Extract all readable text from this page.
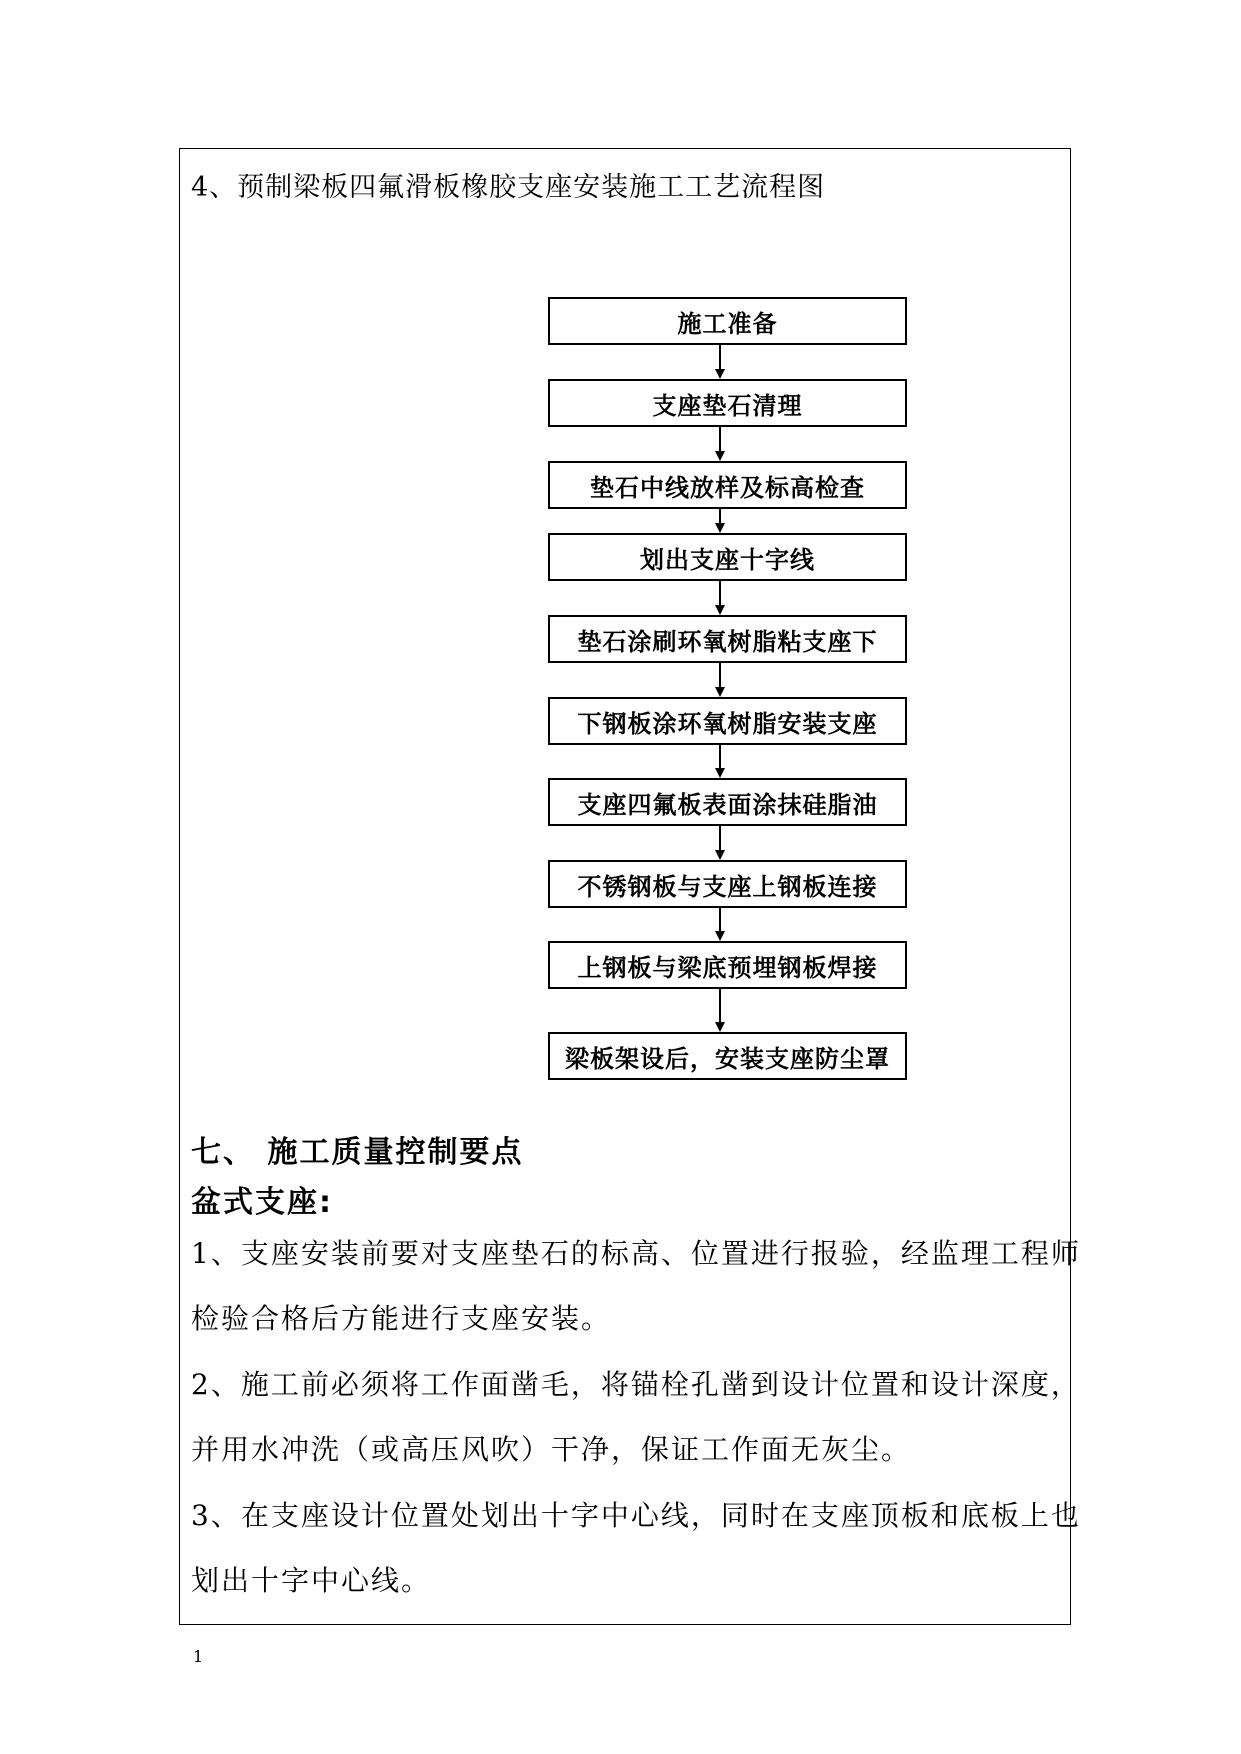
4、预制梁板四氟滑板橡胶支座安装施工工艺流程图
施工准备
支座垫石清理
垫石中线放样及标高检查
划出支座十字线
垫石涂刷环氧树脂粘支座下
下钢板涂环氧树脂安装支座
支座四氟板表面涂抹硅脂油
不锈钢板与支座上钢板连接
上钢板与梁底预埋钢板焊接
梁板架设后，安装支座防尘罩
七、 施工质量控制要点
盆式支座:
1、支座安装前要对支座垫石的标高、位置进行报验，经监理工程师
检验合格后方能进行支座安装。
2、施工前必须将工作面凿毛，将锚栓孔凿到设计位置和设计深度，
并用水冲洗（或高压风吹）干净，保证工作面无灰尘。
3、在支座设计位置处划出十字中心线，同时在支座顶板和底板上也
划出十字中心线。
1
